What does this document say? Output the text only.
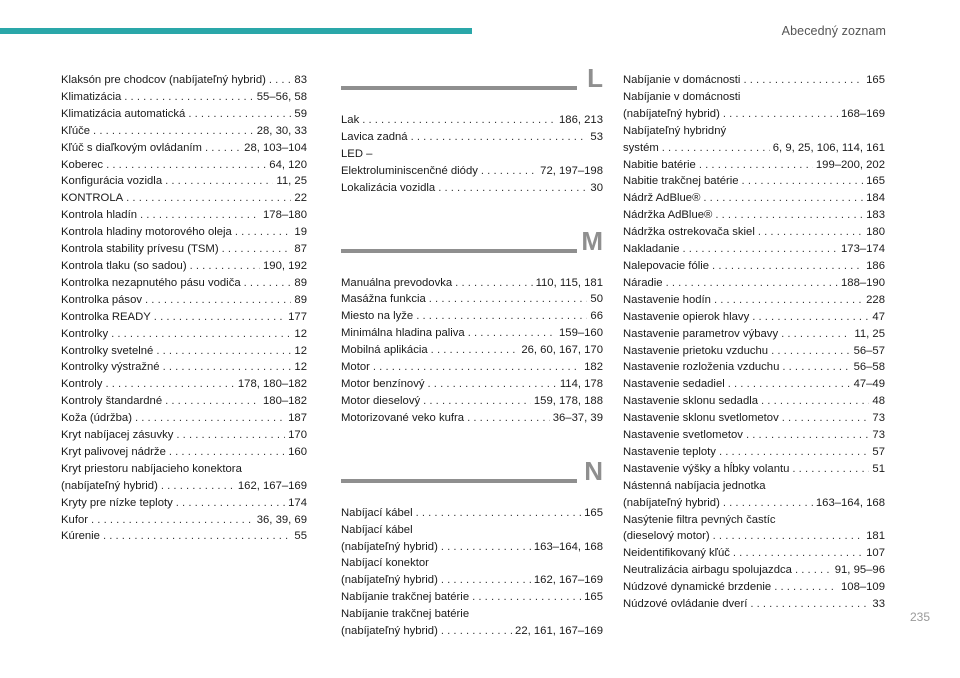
Abecedný zoznam
Klaksón pre chodcov (nabíjateľný hybrid) . . .	83
Klimatizácia . . .	55–56, 58
Klimatizácia automatická . . .	59
Kľúče . . .	28, 30, 33
Kľúč s diaľkovým ovládaním . . .	28, 103–104
Koberec . . .	64, 120
Konfigurácia vozidla . . .	11, 25
KONTROLA . . .	22
Kontrola hladín . . .	178–180
Kontrola hladiny motorového oleja . . .	19
Kontrola stability prívesu (TSM) . . .	87
Kontrola tlaku (so sadou) . . .	190, 192
Kontrolka nezapnutého pásu vodiča . . .	89
Kontrolka pásov . . .	89
Kontrolka READY . . .	177
Kontrolky . . .	12
Kontrolky svetelné . . .	12
Kontrolky výstražné . . .	12
Kontroly . . .	178, 180–182
Kontroly štandardné . . .	180–182
Koža (údržba) . . .	187
Kryt nabíjacej zásuvky . . .	170
Kryt palivovej nádrže . . .	160
Kryt priestoru nabíjacieho konektora
(nabíjateľný hybrid) . . .	162, 167–169
Kryty pre nízke teploty . . .	174
Kufor . . .	36, 39, 69
Kúrenie . . .	55
L
Lak . . .	186, 213
Lavica zadná . . .	53
LED –
Elektroluminiscenčné diódy . . .	72, 197–198
Lokalizácia vozidla . . .	30
M
Manuálna prevodovka . . .	110, 115, 181
Masážna funkcia . . .	50
Miesto na lyže . . .	66
Minimálna hladina paliva . . .	159–160
Mobilná aplikácia . . .	26, 60, 167, 170
Motor . . .	182
Motor benzínový . . .	114, 178
Motor dieselový . . .	159, 178, 188
Motorizované veko kufra . . .	36–37, 39
N
Nabíjací kábel . . .	165
Nabíjací kábel
(nabíjateľný hybrid) . . .	163–164, 168
Nabíjací konektor
(nabíjateľný hybrid) . . .	162, 167–169
Nabíjanie trakčnej batérie . . .	165
Nabíjanie trakčnej batérie
(nabíjateľný hybrid) . . .	22, 161, 167–169
Nabíjanie v domácnosti . . .	165
Nabíjanie v domácnosti
(nabíjateľný hybrid) . . .	168–169
Nabíjateľný hybridný
systém . . .	6, 9, 25, 106, 114, 161
Nabitie batérie . . .	199–200, 202
Nabitie trakčnej batérie . . .	165
Nádrž AdBlue® . . .	184
Nádržka AdBlue® . . .	183
Nádržka ostrekovača skiel . . .	180
Nakladanie . . .	173–174
Nalepovacie fólie . . .	186
Náradie . . .	188–190
Nastavenie hodín . . .	228
Nastavenie opierok hlavy . . .	47
Nastavenie parametrov výbavy . . .	11, 25
Nastavenie prietoku vzduchu . . .	56–57
Nastavenie rozloženia vzduchu . . .	56–58
Nastavenie sedadiel . . .	47–49
Nastavenie sklonu sedadla . . .	48
Nastavenie sklonu svetlometov . . .	73
Nastavenie svetlometov . . .	73
Nastavenie teploty . . .	57
Nastavenie výšky a hĺbky volantu . . .	51
Nástenná nabíjacia jednotka
(nabíjateľný hybrid) . . .	163–164, 168
Nasýtenie filtra pevných častíc
(dieselový motor) . . .	181
Neidentifikovaný kľúč . . .	107
Neutralizácia airbagu spolujazdca . . .	91, 95–96
Núdzové dynamické brzdenie . . .	108–109
Núdzové ovládanie dverí . . .	33
235
